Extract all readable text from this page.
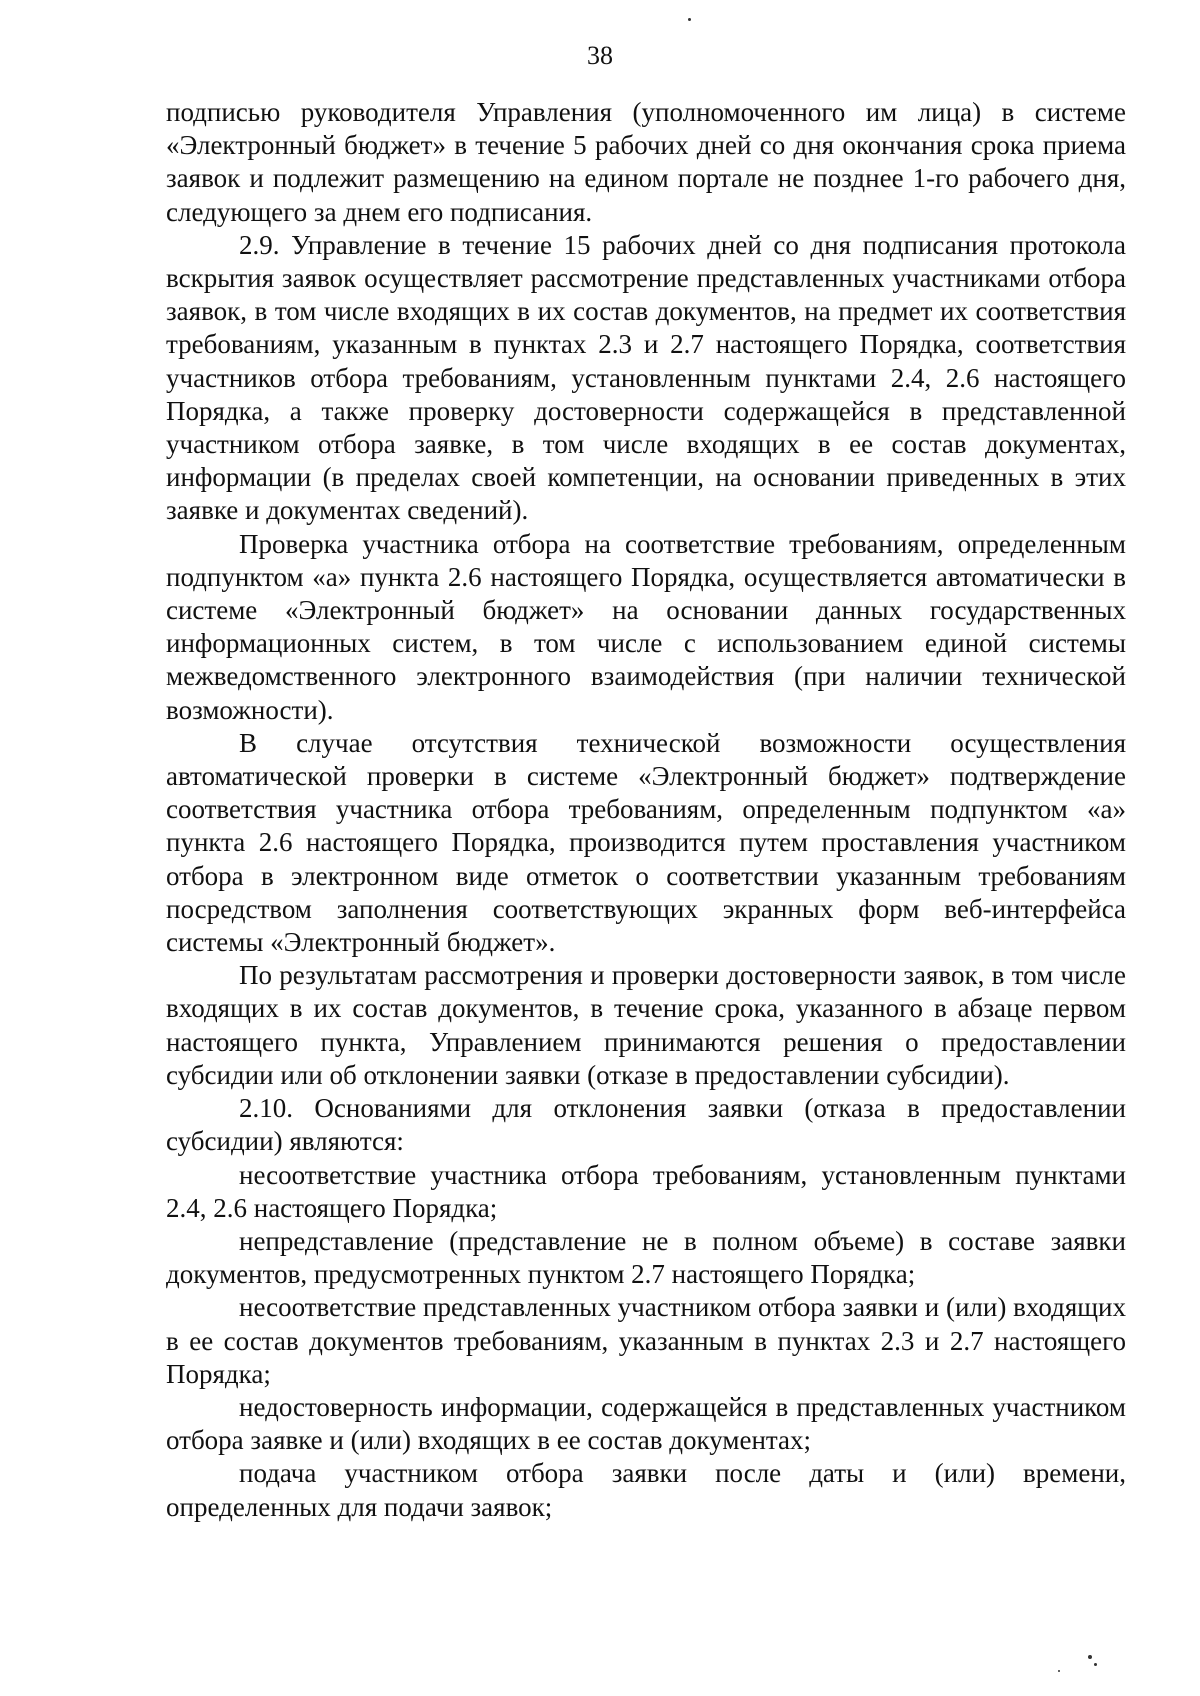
38

подписью руководителя Управления (уполномоченного им лица) в системе «Электронный бюджет» в течение 5 рабочих дней со дня окончания срока приема заявок и подлежит размещению на едином портале не позднее 1-го рабочего дня, следующего за днем его подписания.

2.9. Управление в течение 15 рабочих дней со дня подписания протокола вскрытия заявок осуществляет рассмотрение представленных участниками отбора заявок, в том числе входящих в их состав документов, на предмет их соответствия требованиям, указанным в пунктах 2.3 и 2.7 настоящего Порядка, соответствия участников отбора требованиям, установленным пунктами 2.4, 2.6 настоящего Порядка, а также проверку достоверности содержащейся в представленной участником отбора заявке, в том числе входящих в ее состав документах, информации (в пределах своей компетенции, на основании приведенных в этих заявке и документах сведений).

Проверка участника отбора на соответствие требованиям, определенным подпунктом «а» пункта 2.6 настоящего Порядка, осуществляется автоматически в системе «Электронный бюджет» на основании данных государственных информационных систем, в том числе с использованием единой системы межведомственного электронного взаимодействия (при наличии технической возможности).

В случае отсутствия технической возможности осуществления автоматической проверки в системе «Электронный бюджет» подтверждение соответствия участника отбора требованиям, определенным подпунктом «а» пункта 2.6 настоящего Порядка, производится путем проставления участником отбора в электронном виде отметок о соответствии указанным требованиям посредством заполнения соответствующих экранных форм веб-интерфейса системы «Электронный бюджет».

По результатам рассмотрения и проверки достоверности заявок, в том числе входящих в их состав документов, в течение срока, указанного в абзаце первом настоящего пункта, Управлением принимаются решения о предоставлении субсидии или об отклонении заявки (отказе в предоставлении субсидии).

2.10. Основаниями для отклонения заявки (отказа в предоставлении субсидии) являются:

несоответствие участника отбора требованиям, установленным пунктами 2.4, 2.6 настоящего Порядка;

непредставление (представление не в полном объеме) в составе заявки документов, предусмотренных пунктом 2.7 настоящего Порядка;

несоответствие представленных участником отбора заявки и (или) входящих в ее состав документов требованиям, указанным в пунктах 2.3 и 2.7 настоящего Порядка;

недостоверность информации, содержащейся в представленных участником отбора заявке и (или) входящих в ее состав документах;

подача участником отбора заявки после даты и (или) времени, определенных для подачи заявок;
